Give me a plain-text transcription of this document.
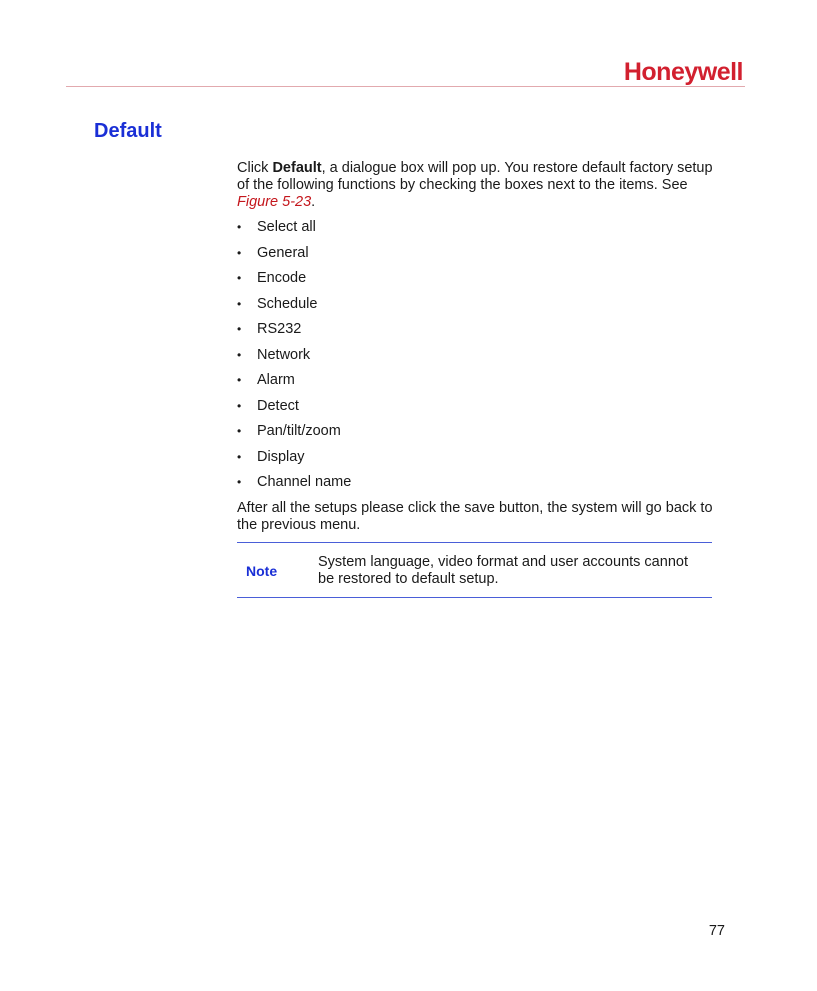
Honeywell
Default

Click Default, a dialogue box will pop up. You restore default factory setup of the following functions by checking the boxes next to the items. See Figure 5-23.

• Select all
• General
• Encode
• Schedule
• RS232
• Network
• Alarm
• Detect
• Pan/tilt/zoom
• Display
• Channel name

After all the setups please click the save button, the system will go back to the previous menu.

Note
System language, video format and user accounts cannot be restored to default setup.
77
